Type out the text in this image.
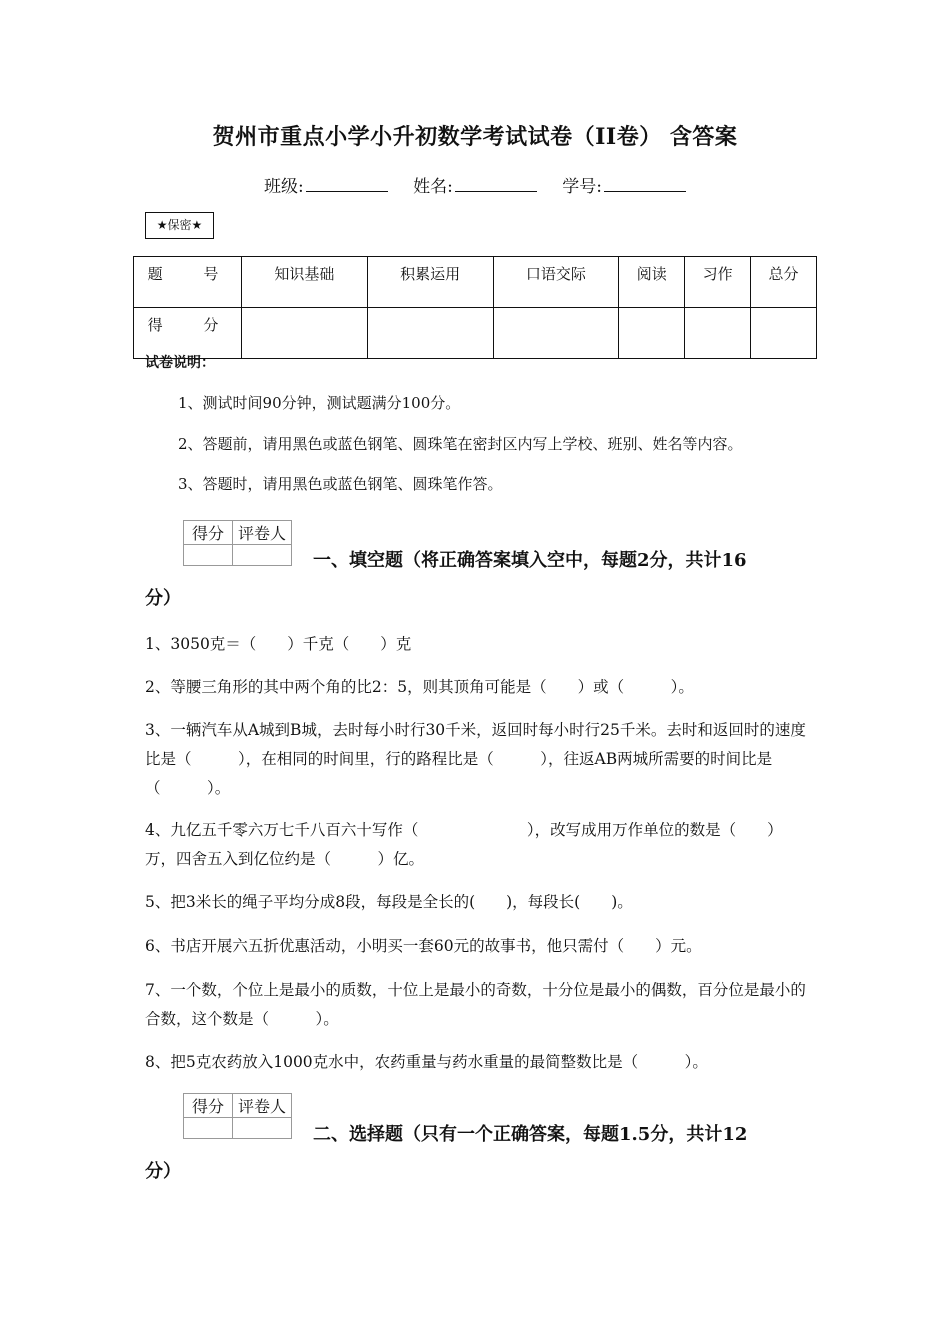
贺州市重点小学小升初数学考试试卷（II卷） 含答案
班级:	姓名:	学号:
★保密★
题 号	知识基础	积累运用	口语交际	阅读	习作	总分
得 分						
试卷说明：
1、测试时间90分钟，测试题满分100分。
2、答题前，请用黑色或蓝色钢笔、圆珠笔在密封区内写上学校、班别、姓名等内容。
3、答题时，请用黑色或蓝色钢笔、圆珠笔作答。
得分	评卷人

一、填空题（将正确答案填入空中，每题2分，共计16
分）
1、3050克＝（　　）千克（　　）克
2、等腰三角形的其中两个角的比2：5，则其顶角可能是（　　）或（　　　）。
3、一辆汽车从A城到B城，去时每小时行30千米，返回时每小时行25千米。去时和返回时的速度比是（　　　），在相同的时间里，行的路程比是（　　　），往返AB两城所需要的时间比是（　　　）。
4、九亿五千零六万七千八百六十写作（　　　　　　　），改写成用万作单位的数是（　　）万，四舍五入到亿位约是（　　　）亿。
5、把3米长的绳子平均分成8段，每段是全长的(　　)，每段长(　　)。
6、书店开展六五折优惠活动，小明买一套60元的故事书，他只需付（　　）元。
7、一个数，个位上是最小的质数，十位上是最小的奇数，十分位是最小的偶数，百分位是最小的合数，这个数是（　　　）。
8、把5克农药放入1000克水中，农药重量与药水重量的最简整数比是（　　　）。
得分	评卷人

二、选择题（只有一个正确答案，每题1.5分，共计12
分）
